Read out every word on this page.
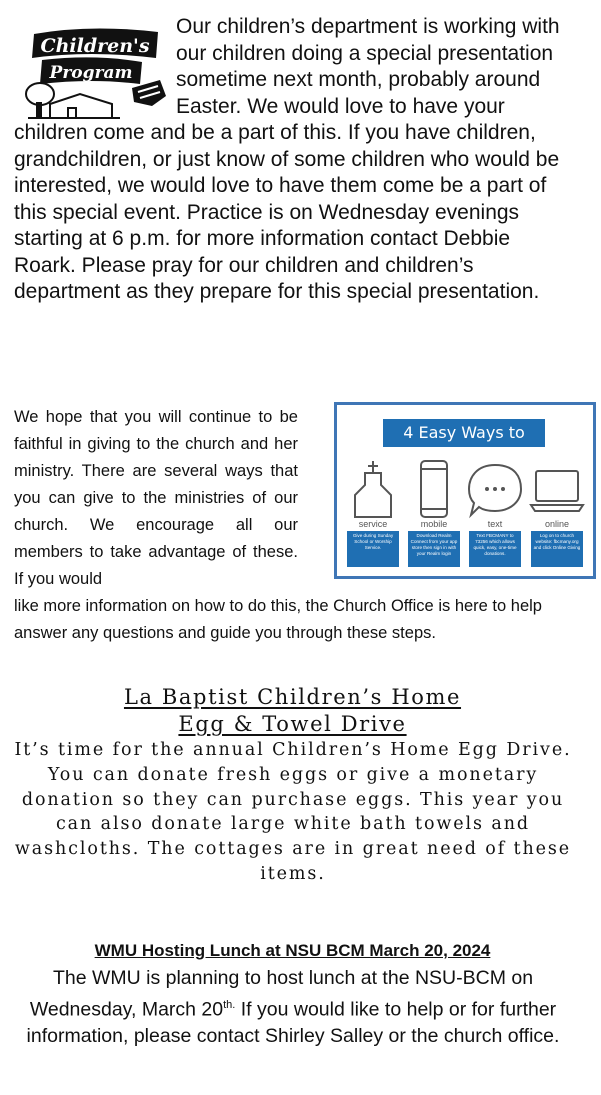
Children's
Program

Our children’s department is working with our children doing a special presentation sometime next month, probably around Easter. We would love to have your children come and be a part of this. If you have children, grandchildren, or just know of some children who would be interested, we would love to have them come be a part of this special event. Practice is on Wednesday evenings starting at 6 p.m. for more information contact Debbie Roark. Please pray for our children and children’s department as they prepare for this special presentation.

We hope that you will continue to be faithful in giving to the church and her ministry. There are several ways that you can give to the ministries of our church. We encourage all our members to take advantage of these. If you would
like more information on how to do this, the Church Office is here to help answer any questions and guide you through these steps.
4 Easy Ways to Give
service
Give during Sunday School or Worship Service.
mobile
Download Realm Connect from your app store then sign in with your Realm login
text
Text FBCMANY to 73256 which allows quick, easy, one-time donations.
online
Log on to church website: fbcmany.org and click Online Giving
La Baptist Children’s Home
Egg & Towel Drive

It’s time for the annual Children’s Home Egg Drive. You can donate fresh eggs or give a monetary donation so they can purchase eggs. This year you can also donate large white bath towels and washcloths. The cottages are in great need of these items.

WMU Hosting Lunch at NSU BCM March 20, 2024

The WMU is planning to host lunch at the NSU-BCM on Wednesday, March $20^{th.}$ If you would like to help or for further information, please contact Shirley Salley or the church office.
